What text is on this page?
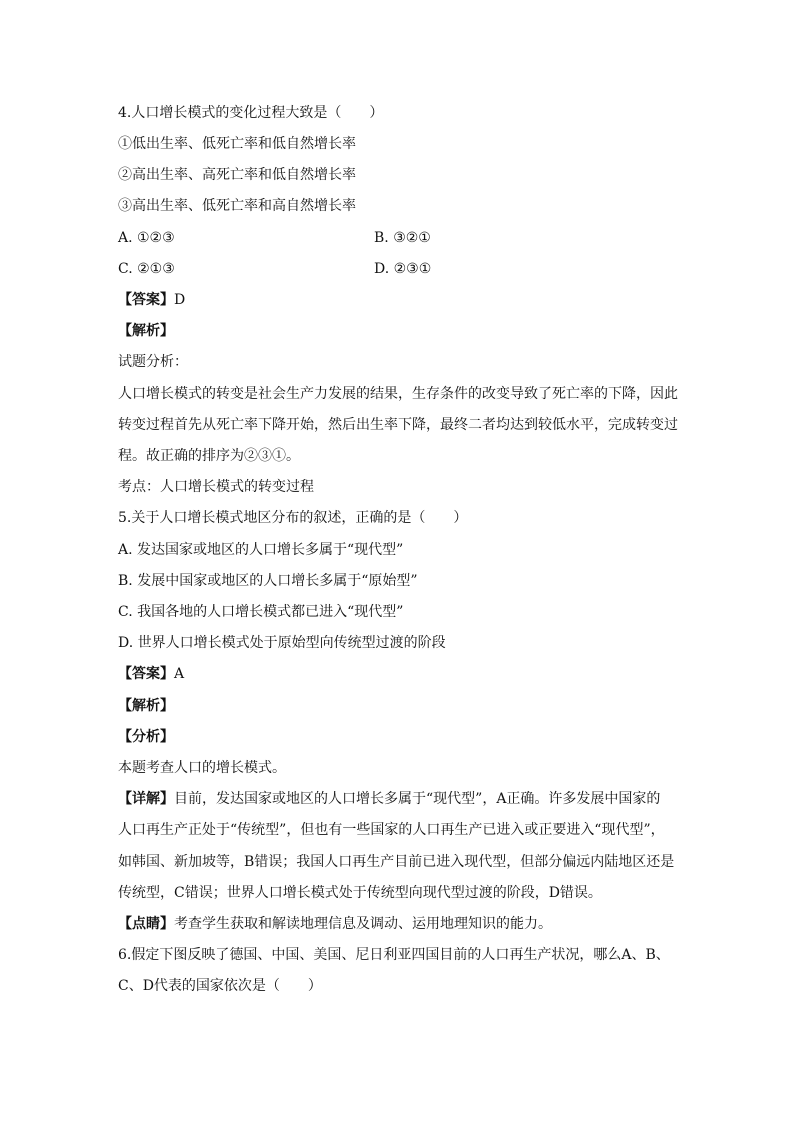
4.人口增长模式的变化过程大致是（　　）
①低出生率、低死亡率和低自然增长率
②高出生率、高死亡率和低自然增长率
③高出生率、低死亡率和高自然增长率
A. ①②③	B. ③②①
C. ②①③	D. ②③①
【答案】D
【解析】
试题分析：
人口增长模式的转变是社会生产力发展的结果，生存条件的改变导致了死亡率的下降，因此
转变过程首先从死亡率下降开始，然后出生率下降，最终二者均达到较低水平，完成转变过
程。故正确的排序为②③①。
考点：人口增长模式的转变过程
5.关于人口增长模式地区分布的叙述，正确的是（　　）
A. 发达国家或地区的人口增长多属于“现代型”
B. 发展中国家或地区的人口增长多属于“原始型”
C. 我国各地的人口增长模式都已进入“现代型”
D. 世界人口增长模式处于原始型向传统型过渡的阶段
【答案】A
【解析】
【分析】
本题考查人口的增长模式。
【详解】目前，发达国家或地区的人口增长多属于“现代型”，A正确。许多发展中国家的
人口再生产正处于“传统型”，但也有一些国家的人口再生产已进入或正要进入“现代型”，
如韩国、新加坡等，B错误；我国人口再生产目前已进入现代型，但部分偏远内陆地区还是
传统型，C错误；世界人口增长模式处于传统型向现代型过渡的阶段，D错误。
【点睛】考查学生获取和解读地理信息及调动、运用地理知识的能力。
6.假定下图反映了德国、中国、美国、尼日利亚四国目前的人口再生产状况，哪么A、B、
C、D代表的国家依次是（　　）
